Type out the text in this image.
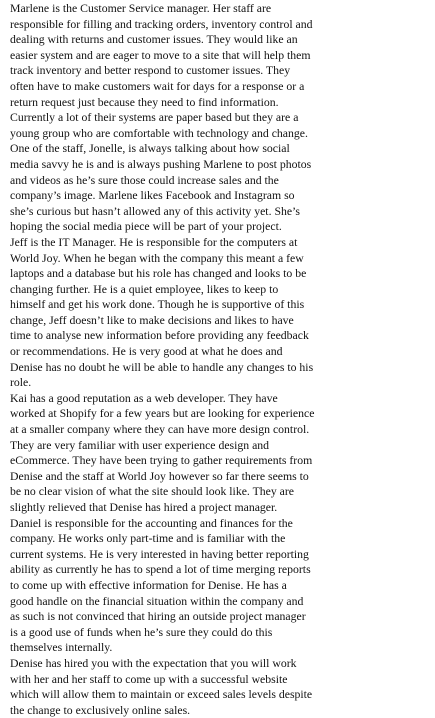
Marlene is the Customer Service manager. Her staff are
responsible for filling and tracking orders, inventory control and
dealing with returns and customer issues. They would like an
easier system and are eager to move to a site that will help them
track inventory and better respond to customer issues. They
often have to make customers wait for days for a response or a
return request just because they need to find information.
Currently a lot of their systems are paper based but they are a
young group who are comfortable with technology and change.
One of the staff, Jonelle, is always talking about how social
media savvy he is and is always pushing Marlene to post photos
and videos as he’s sure those could increase sales and the
company’s image. Marlene likes Facebook and Instagram so
she’s curious but hasn’t allowed any of this activity yet. She’s
hoping the social media piece will be part of your project.
Jeff is the IT Manager. He is responsible for the computers at
World Joy. When he began with the company this meant a few
laptops and a database but his role has changed and looks to be
changing further. He is a quiet employee, likes to keep to
himself and get his work done. Though he is supportive of this
change, Jeff doesn’t like to make decisions and likes to have
time to analyse new information before providing any feedback
or recommendations. He is very good at what he does and
Denise has no doubt he will be able to handle any changes to his
role.
Kai has a good reputation as a web developer. They have
worked at Shopify for a few years but are looking for experience
at a smaller company where they can have more design control.
They are very familiar with user experience design and
eCommerce. They have been trying to gather requirements from
Denise and the staff at World Joy however so far there seems to
be no clear vision of what the site should look like. They are
slightly relieved that Denise has hired a project manager.
Daniel is responsible for the accounting and finances for the
company. He works only part-time and is familiar with the
current systems. He is very interested in having better reporting
ability as currently he has to spend a lot of time merging reports
to come up with effective information for Denise. He has a
good handle on the financial situation within the company and
as such is not convinced that hiring an outside project manager
is a good use of funds when he’s sure they could do this
themselves internally.
Denise has hired you with the expectation that you will work
with her and her staff to come up with a successful website
which will allow them to maintain or exceed sales levels despite
the change to exclusively online sales.
